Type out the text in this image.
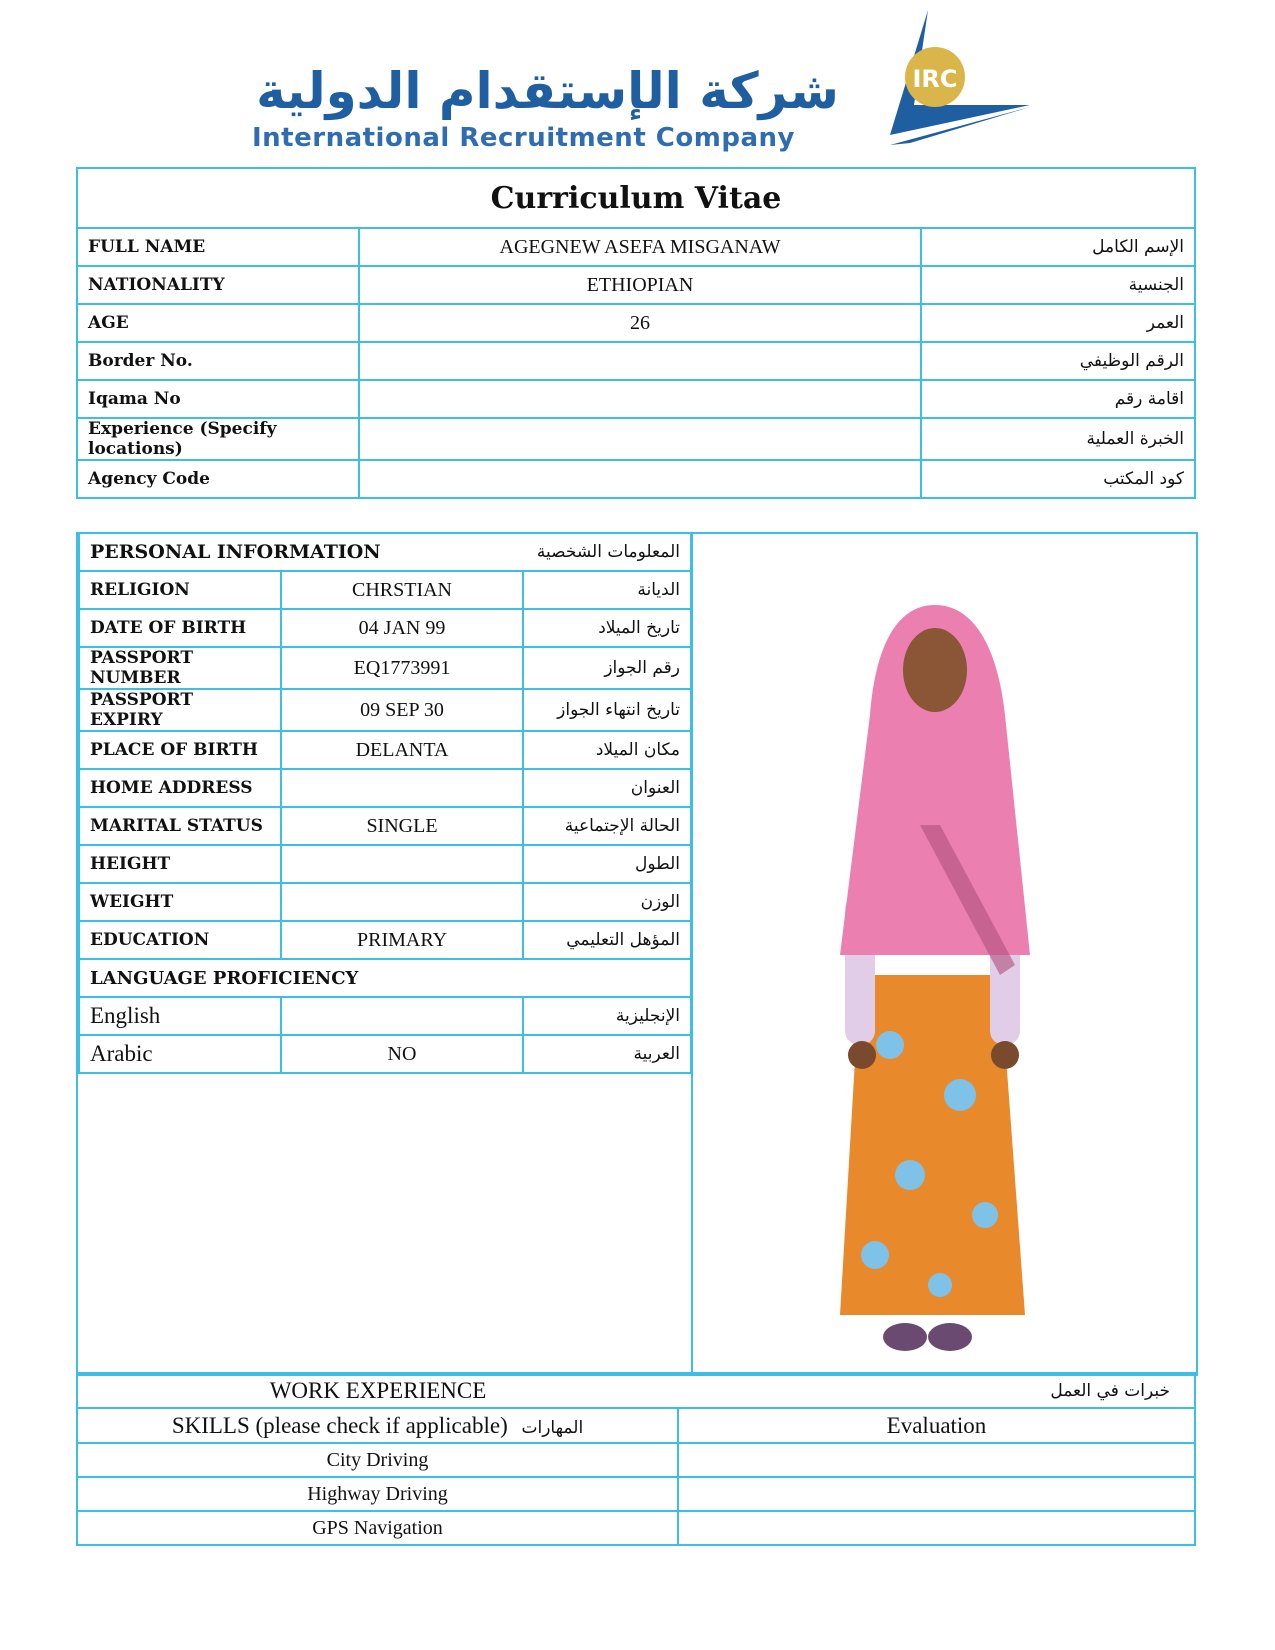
شركة الإستقدام الدولية
International Recruitment Company
IRC
Curriculum Vitae		
FULL NAME	AGEGNEW ASEFA MISGANAW	الإسم الكامل
NATIONALITY	ETHIOPIAN	الجنسية
AGE	26	العمر
Border No.		الرقم الوظيفي
Iqama No		اقامة رقم
Experience (Specify locations)		الخبرة العملية
Agency Code		كود المكتب
PERSONAL INFORMATION		المعلومات الشخصية
RELIGION	CHRSTIAN	الديانة
DATE OF BIRTH	04 JAN 99	تاريخ الميلاد
PASSPORT NUMBER	EQ1773991	رقم الجواز
PASSPORT EXPIRY	09 SEP 30	تاريخ انتهاء الجواز
PLACE OF BIRTH	DELANTA	مكان الميلاد
HOME ADDRESS		العنوان
MARITAL STATUS	SINGLE	الحالة الإجتماعية
HEIGHT		الطول
WEIGHT		الوزن
EDUCATION	PRIMARY	المؤهل التعليمي
LANGUAGE PROFICIENCY		
English		الإنجليزية
Arabic	NO	العربية
WORK EXPERIENCE	خبرات في العمل
SKILLS (please check if applicable) المهارات	Evaluation
City Driving	
Highway Driving	
GPS Navigation	
